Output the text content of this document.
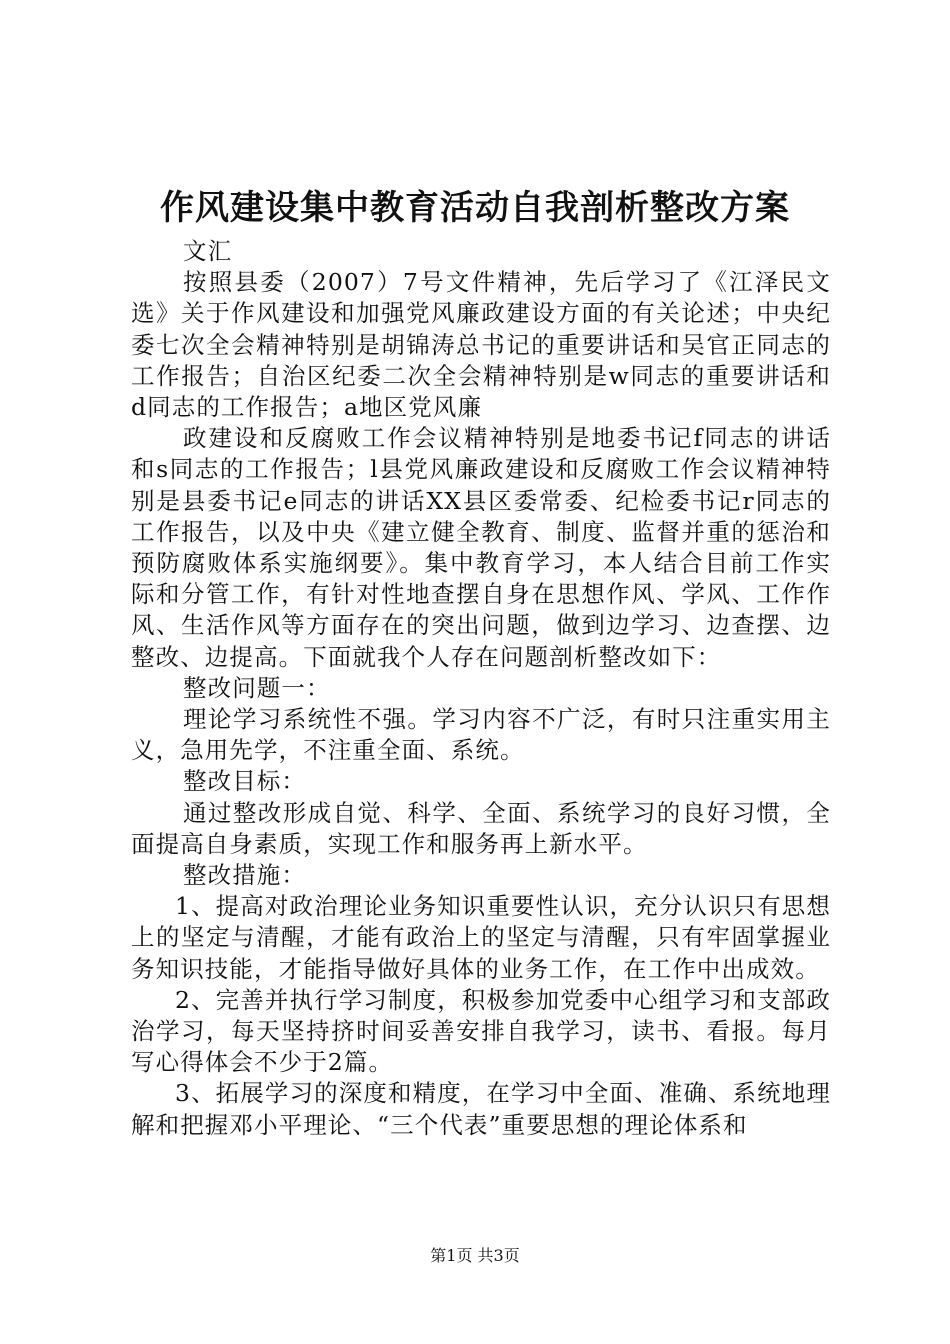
作风建设集中教育活动自我剖析整改方案

文汇

按照县委（2007）7号文件精神，先后学习了《江泽民文选》关于作风建设和加强党风廉政建设方面的有关论述；中央纪委七次全会精神特别是胡锦涛总书记的重要讲话和吴官正同志的工作报告；自治区纪委二次全会精神特别是w同志的重要讲话和d同志的工作报告；a地区党风廉

政建设和反腐败工作会议精神特别是地委书记f同志的讲话和s同志的工作报告；l县党风廉政建设和反腐败工作会议精神特别是县委书记e同志的讲话XX县区委常委、纪检委书记r同志的工作报告，以及中央《建立健全教育、制度、监督并重的惩治和预防腐败体系实施纲要》。集中教育学习，本人结合目前工作实际和分管工作，有针对性地查摆自身在思想作风、学风、工作作风、生活作风等方面存在的突出问题，做到边学习、边查摆、边整改、边提高。下面就我个人存在问题剖析整改如下：

整改问题一：

理论学习系统性不强。学习内容不广泛，有时只注重实用主义，急用先学，不注重全面、系统。

整改目标：

通过整改形成自觉、科学、全面、系统学习的良好习惯，全面提高自身素质，实现工作和服务再上新水平。

整改措施：

1、提高对政治理论业务知识重要性认识，充分认识只有思想上的坚定与清醒，才能有政治上的坚定与清醒，只有牢固掌握业务知识技能，才能指导做好具体的业务工作，在工作中出成效。

2、完善并执行学习制度，积极参加党委中心组学习和支部政治学习，每天坚持挤时间妥善安排自我学习，读书、看报。每月写心得体会不少于2篇。

3、拓展学习的深度和精度，在学习中全面、准确、系统地理解和把握邓小平理论、“三个代表”重要思想的理论体系和

第1页 共3页
